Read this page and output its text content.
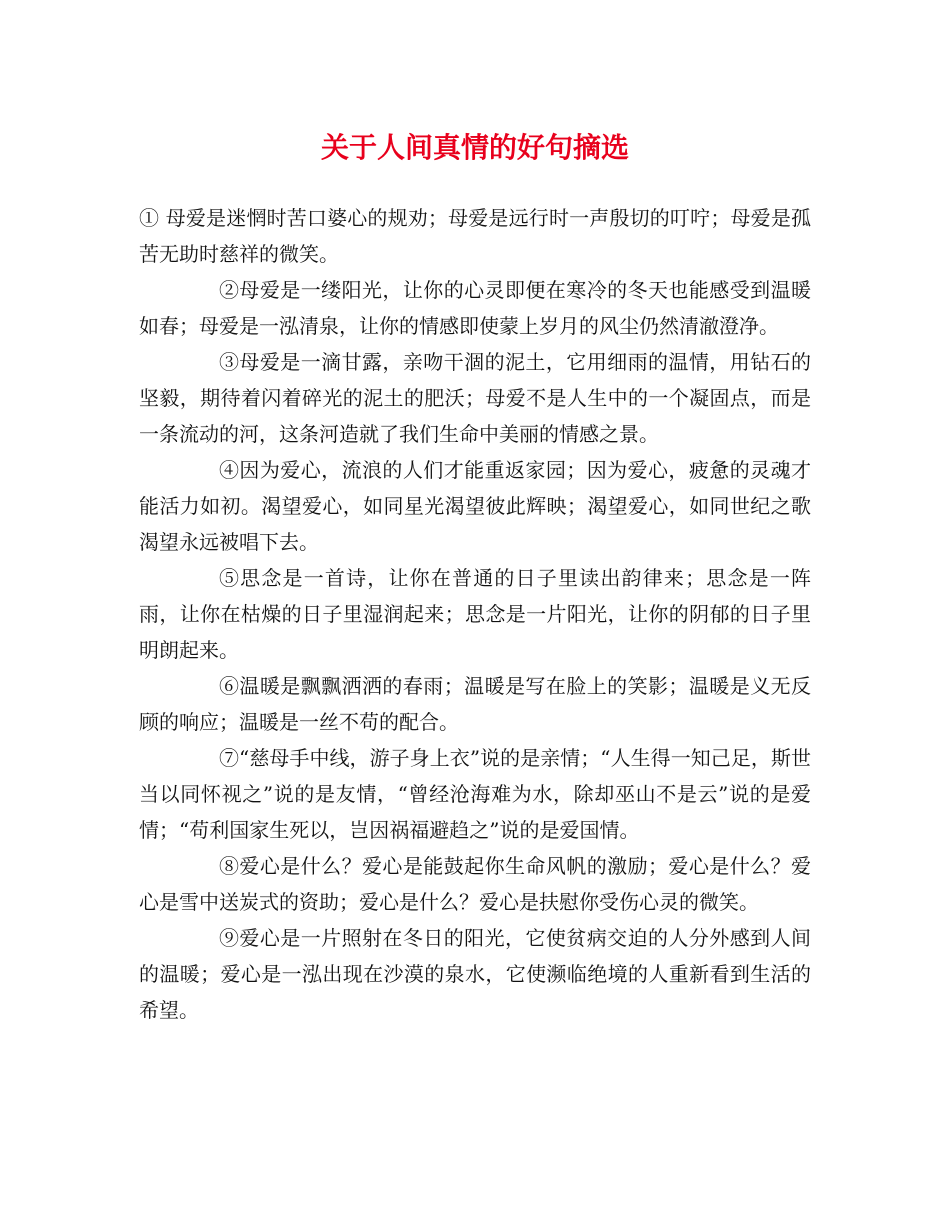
关于人间真情的好句摘选

① 母爱是迷惘时苦口婆心的规劝；母爱是远行时一声殷切的叮咛；母爱是孤苦无助时慈祥的微笑。

②母爱是一缕阳光，让你的心灵即便在寒冷的冬天也能感受到温暖如春；母爱是一泓清泉，让你的情感即使蒙上岁月的风尘仍然清澈澄净。

③母爱是一滴甘露，亲吻干涸的泥土，它用细雨的温情，用钻石的坚毅，期待着闪着碎光的泥土的肥沃；母爱不是人生中的一个凝固点，而是一条流动的河，这条河造就了我们生命中美丽的情感之景。

④因为爱心，流浪的人们才能重返家园；因为爱心，疲惫的灵魂才能活力如初。渴望爱心，如同星光渴望彼此辉映；渴望爱心，如同世纪之歌渴望永远被唱下去。

⑤思念是一首诗，让你在普通的日子里读出韵律来；思念是一阵雨，让你在枯燥的日子里湿润起来；思念是一片阳光，让你的阴郁的日子里明朗起来。

⑥温暖是飘飘洒洒的春雨；温暖是写在脸上的笑影；温暖是义无反顾的响应；温暖是一丝不苟的配合。

⑦“慈母手中线，游子身上衣”说的是亲情；“人生得一知己足，斯世当以同怀视之”说的是友情，“曾经沧海难为水，除却巫山不是云”说的是爱情；“苟利国家生死以，岂因祸福避趋之”说的是爱国情。

⑧爱心是什么？爱心是能鼓起你生命风帆的激励；爱心是什么？爱心是雪中送炭式的资助；爱心是什么？爱心是扶慰你受伤心灵的微笑。

⑨爱心是一片照射在冬日的阳光，它使贫病交迫的人分外感到人间的温暖；爱心是一泓出现在沙漠的泉水，它使濒临绝境的人重新看到生活的希望。
